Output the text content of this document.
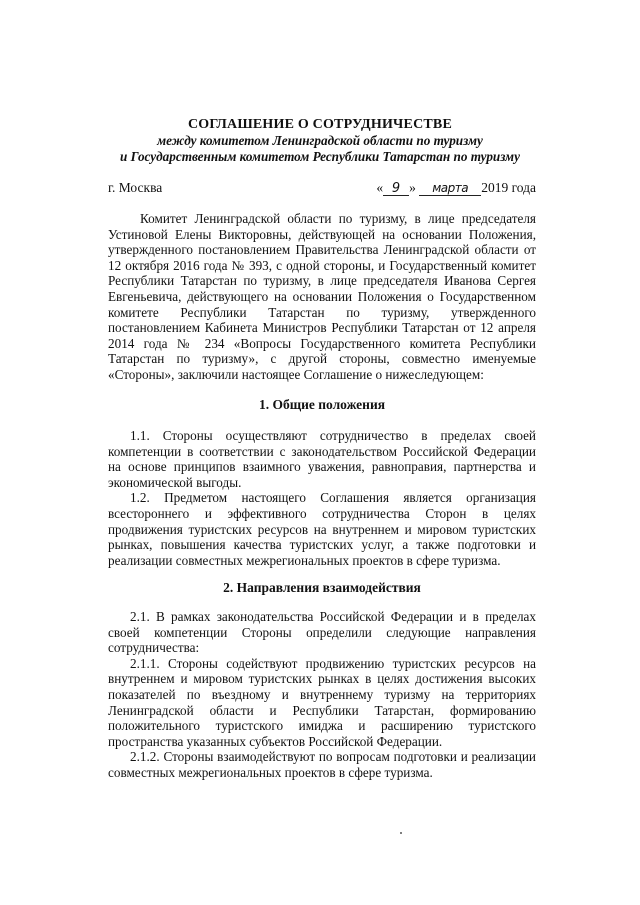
СОГЛАШЕНИЕ О СОТРУДНИЧЕСТВЕ
между комитетом Ленинградской области по туризму
и Государственным комитетом Республики Татарстан по туризму
г. Москва	« 9 » марта 2019 года

Комитет Ленинградской области по туризму, в лице председателя Устиновой Елены Викторовны, действующей на основании Положения, утвержденного постановлением Правительства Ленинградской области от 12 октября 2016 года № 393, с одной стороны, и Государственный комитет Республики Татарстан по туризму, в лице председателя Иванова Сергея Евгеньевича, действующего на основании Положения о Государственном комитете Республики Татарстан по туризму, утвержденного постановлением Кабинета Министров Республики Татарстан от 12 апреля 2014 года № 234 «Вопросы Государственного комитета Республики Татарстан по туризму», с другой стороны, совместно именуемые «Стороны», заключили настоящее Соглашение о нижеследующем:

1. Общие положения

1.1. Стороны осуществляют сотрудничество в пределах своей компетенции в соответствии с законодательством Российской Федерации на основе принципов взаимного уважения, равноправия, партнерства и экономической выгоды.

1.2. Предметом настоящего Соглашения является организация всестороннего и эффективного сотрудничества Сторон в целях продвижения туристских ресурсов на внутреннем и мировом туристских рынках, повышения качества туристских услуг, а также подготовки и реализации совместных межрегиональных проектов в сфере туризма.

2. Направления взаимодействия

2.1. В рамках законодательства Российской Федерации и в пределах своей компетенции Стороны определили следующие направления сотрудничества:

2.1.1. Стороны содействуют продвижению туристских ресурсов на внутреннем и мировом туристских рынках в целях достижения высоких показателей по въездному и внутреннему туризму на территориях Ленинградской области и Республики Татарстан, формированию положительного туристского имиджа и расширению туристского пространства указанных субъектов Российской Федерации.

2.1.2. Стороны взаимодействуют по вопросам подготовки и реализации совместных межрегиональных проектов в сфере туризма.
